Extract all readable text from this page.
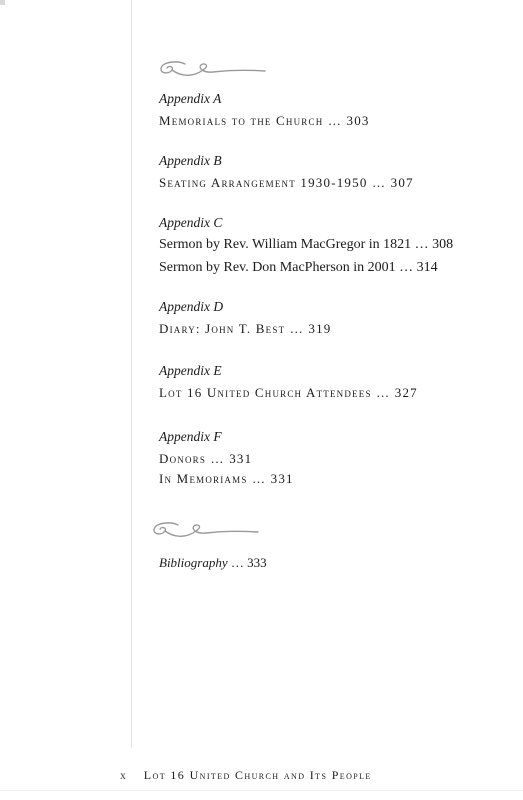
Appendix A

Memorials to the Church … 303

Appendix B

Seating Arrangement 1930-1950 … 307

Appendix C

Sermon by Rev. William MacGregor in 1821 … 308

Sermon by Rev. Don MacPherson in 2001 … 314

Appendix D

Diary: John T. Best … 319

Appendix E

Lot 16 United Church Attendees … 327

Appendix F

Donors … 331

In Memoriams … 331

Bibliography … 333
x Lot 16 United Church and Its People
